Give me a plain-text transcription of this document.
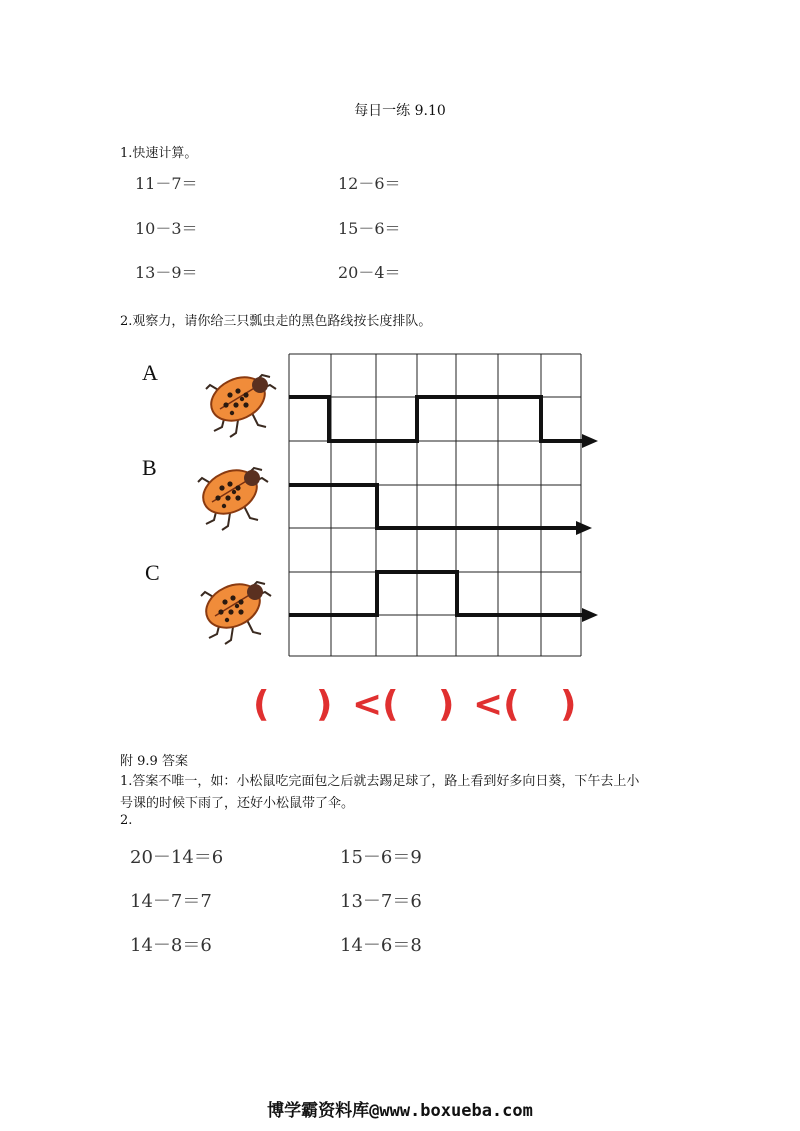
每日一练 9.10
1.快速计算。
11－7＝	12－6＝
10－3＝	15－6＝
13－9＝	20－4＝
2.观察力，请你给三只瓢虫走的黑色路线按长度排队。
A
B
C
( ) <( ) <( )
附 9.9 答案
1.答案不唯一，如：小松鼠吃完面包之后就去踢足球了，路上看到好多向日葵，下午去上小
号课的时候下雨了，还好小松鼠带了伞。
2.
20－14＝6	15－6＝9
14－7＝7	13－7＝6
14－8＝6	14－6＝8
博学霸资料库@www.boxueba.com
